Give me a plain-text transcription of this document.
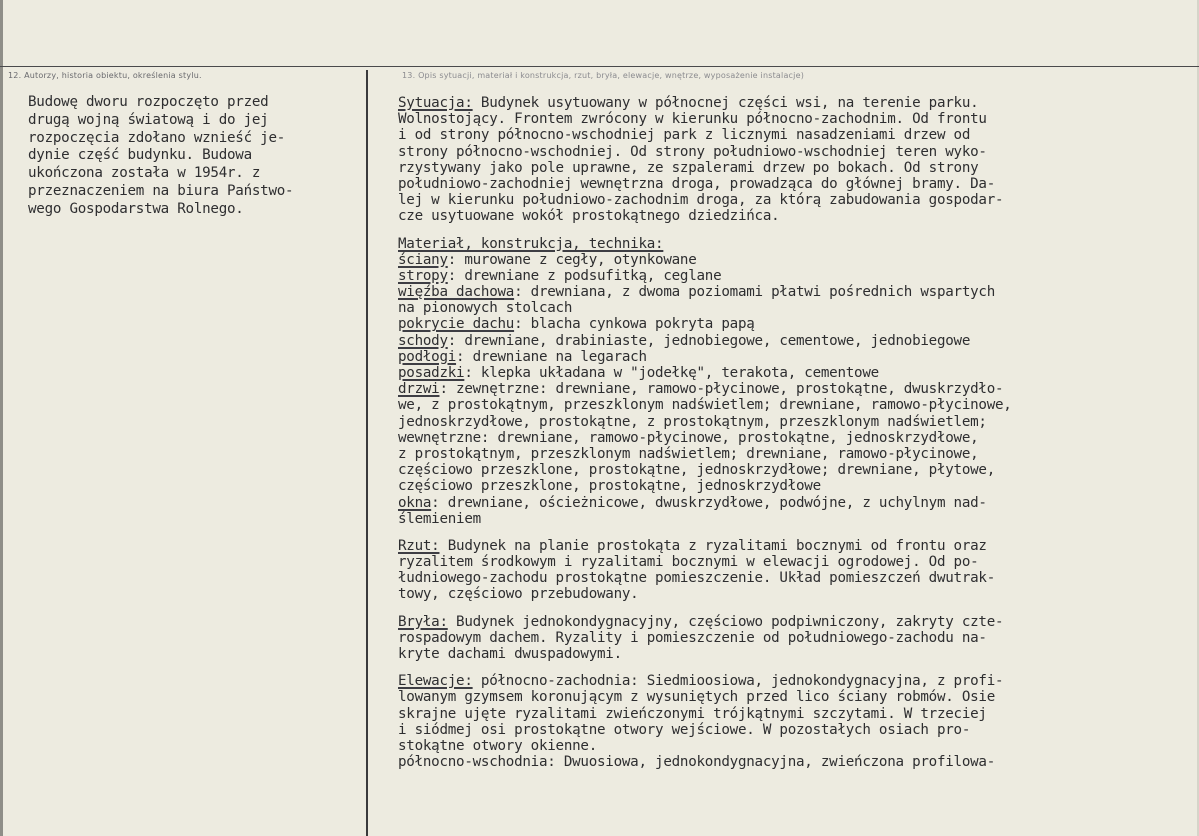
12. Autorzy, historia obiektu, określenia stylu.	13. Opis sytuacji, materiał i konstrukcja, rzut, bryła, elewacje, wnętrze, wyposażenie instalacje)
Budowę dworu rozpoczęto przed
drugą wojną światową i do jej
rozpoczęcia zdołano wznieść je-
dynie część budynku. Budowa
ukończona została w 1954r. z
przeznaczeniem na biura Państwo-
wego Gospodarstwa Rolnego.
Sytuacja: Budynek usytuowany w północnej części wsi, na terenie parku.
Wolnostojący. Frontem zwrócony w kierunku północno-zachodnim. Od frontu
i od strony północno-wschodniej park z licznymi nasadzeniami drzew od
strony północno-wschodniej. Od strony południowo-wschodniej teren wyko-
rzystywany jako pole uprawne, ze szpalerami drzew po bokach. Od strony
południowo-zachodniej wewnętrzna droga, prowadząca do głównej bramy. Da-
lej w kierunku południowo-zachodnim droga, za którą zabudowania gospodar-
cze usytuowane wokół prostokątnego dziedzińca.
Materiał, konstrukcja, technika:
ściany: murowane z cegły, otynkowane
stropy: drewniane z podsufitką, ceglane
więźba dachowa: drewniana, z dwoma poziomami płatwi pośrednich wspartych
na pionowych stolcach
pokrycie dachu: blacha cynkowa pokryta papą
schody: drewniane, drabiniaste, jednobiegowe, cementowe, jednobiegowe
podłogi: drewniane na legarach
posadzki: klepka układana w "jodełkę", terakota, cementowe
drzwi: zewnętrzne: drewniane, ramowo-płycinowe, prostokątne, dwuskrzydło-
we, z prostokątnym, przeszklonym nadświetlem; drewniane, ramowo-płycinowe,
jednoskrzydłowe, prostokątne, z prostokątnym, przeszklonym nadświetlem;
wewnętrzne: drewniane, ramowo-płycinowe, prostokątne, jednoskrzydłowe,
z prostokątnym, przeszklonym nadświetlem; drewniane, ramowo-płycinowe,
częściowo przeszklone, prostokątne, jednoskrzydłowe; drewniane, płytowe,
częściowo przeszklone, prostokątne, jednoskrzydłowe
okna: drewniane, ościeżnicowe, dwuskrzydłowe, podwójne, z uchylnym nad-
ślemieniem
Rzut: Budynek na planie prostokąta z ryzalitami bocznymi od frontu oraz
ryzalitem środkowym i ryzalitami bocznymi w elewacji ogrodowej. Od po-
łudniowego-zachodu prostokątne pomieszczenie. Układ pomieszczeń dwutrak-
towy, częściowo przebudowany.
Bryła: Budynek jednokondygnacyjny, częściowo podpiwniczony, zakryty czte-
rospadowym dachem. Ryzality i pomieszczenie od południowego-zachodu na-
kryte dachami dwuspadowymi.
Elewacje: północno-zachodnia: Siedmioosiowa, jednokondygnacyjna, z profi-
lowanym gzymsem koronującym z wysuniętych przed lico ściany robmów. Osie
skrajne ujęte ryzalitami zwieńczonymi trójkątnymi szczytami. W trzeciej
i siódmej osi prostokątne otwory wejściowe. W pozostałych osiach pro-
stokątne otwory okienne.
północno-wschodnia: Dwuosiowa, jednokondygnacyjna, zwieńczona profilowa-
